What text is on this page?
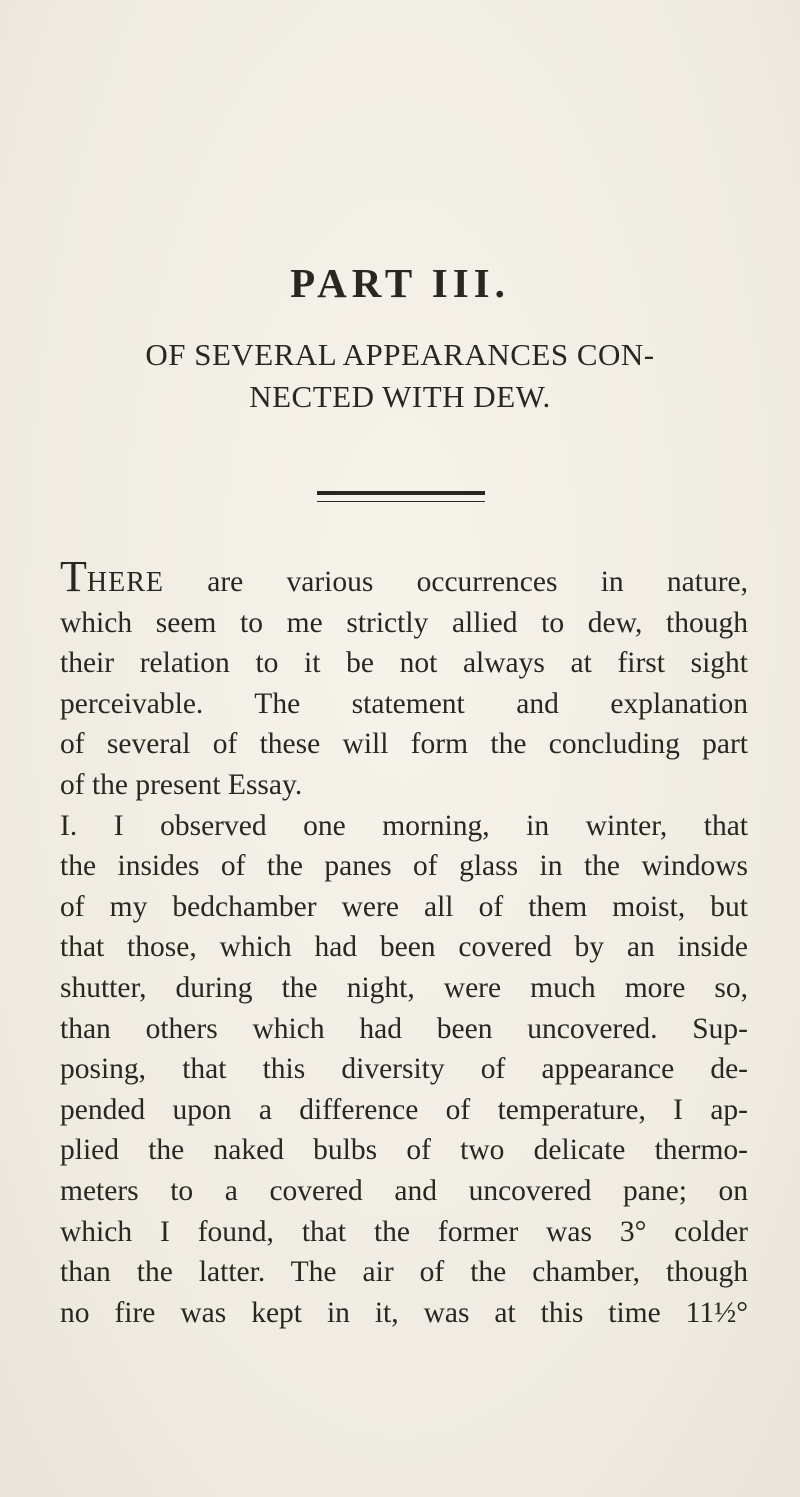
PART III.
OF SEVERAL APPEARANCES CON-
NECTED WITH DEW.
THERE are various occurrences in nature,
which seem to me strictly allied to dew, though
their relation to it be not always at first sight
perceivable. The statement and explanation
of several of these will form the concluding part
of the present Essay.
I. I observed one morning, in winter, that
the insides of the panes of glass in the windows
of my bedchamber were all of them moist, but
that those, which had been covered by an inside
shutter, during the night, were much more so,
than others which had been uncovered. Sup-
posing, that this diversity of appearance de-
pended upon a difference of temperature, I ap-
plied the naked bulbs of two delicate thermo-
meters to a covered and uncovered pane; on
which I found, that the former was 3° colder
than the latter. The air of the chamber, though
no fire was kept in it, was at this time 11½°
